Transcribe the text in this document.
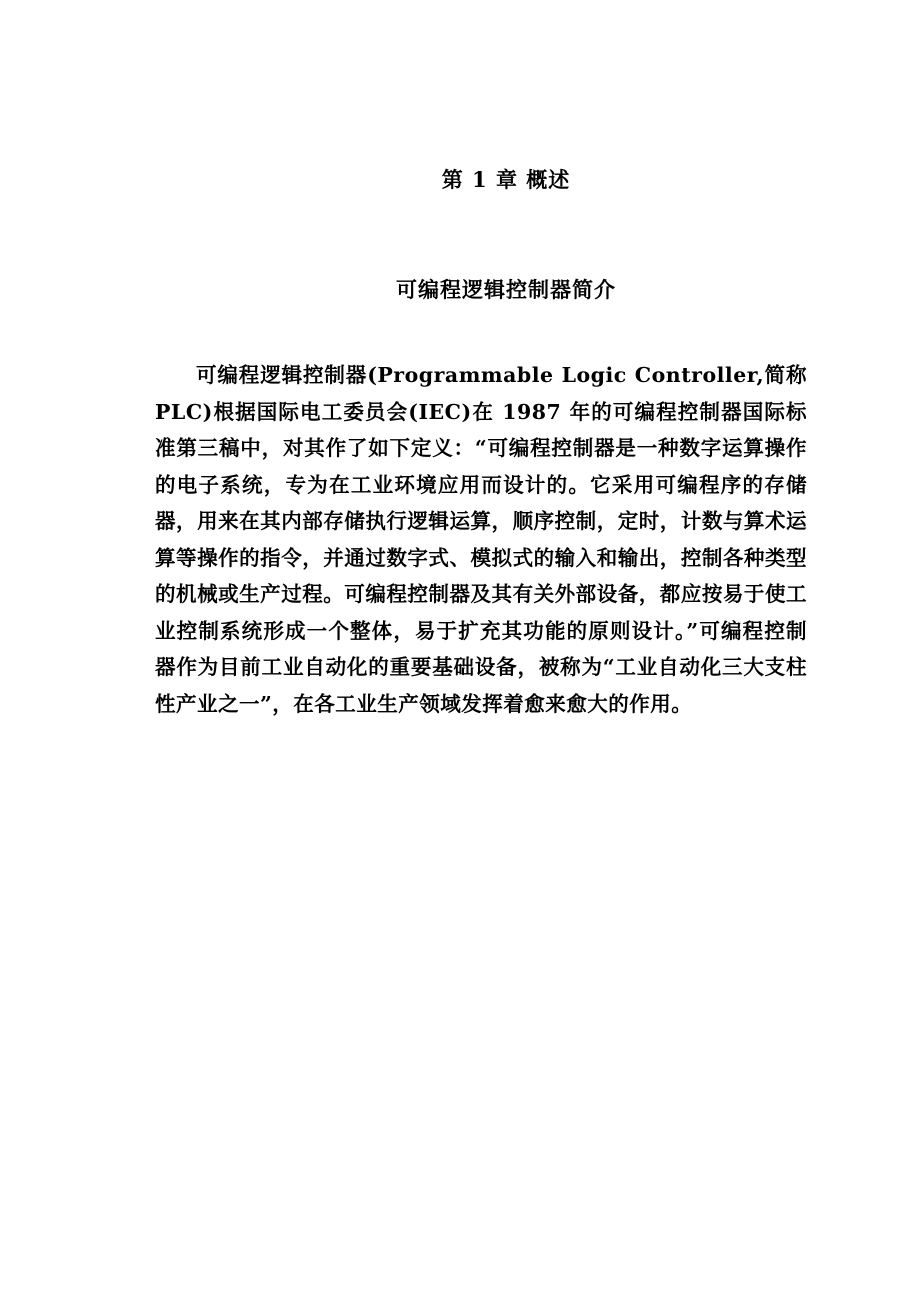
第 1 章 概述
可编程逻辑控制器简介

可编程逻辑控制器(Programmable Logic Controller,简称 PLC)根据国际电工委员会(IEC)在 1987 年的可编程控制器国际标准第三稿中，对其作了如下定义：“可编程控制器是一种数字运算操作的电子系统，专为在工业环境应用而设计的。它采用可编程序的存储器，用来在其内部存储执行逻辑运算，顺序控制，定时，计数与算术运算等操作的指令，并通过数字式、模拟式的输入和输出，控制各种类型的机械或生产过程。可编程控制器及其有关外部设备，都应按易于使工业控制系统形成一个整体，易于扩充其功能的原则设计。”可编程控制器作为目前工业自动化的重要基础设备，被称为“工业自动化三大支柱性产业之一”，在各工业生产领域发挥着愈来愈大的作用。
